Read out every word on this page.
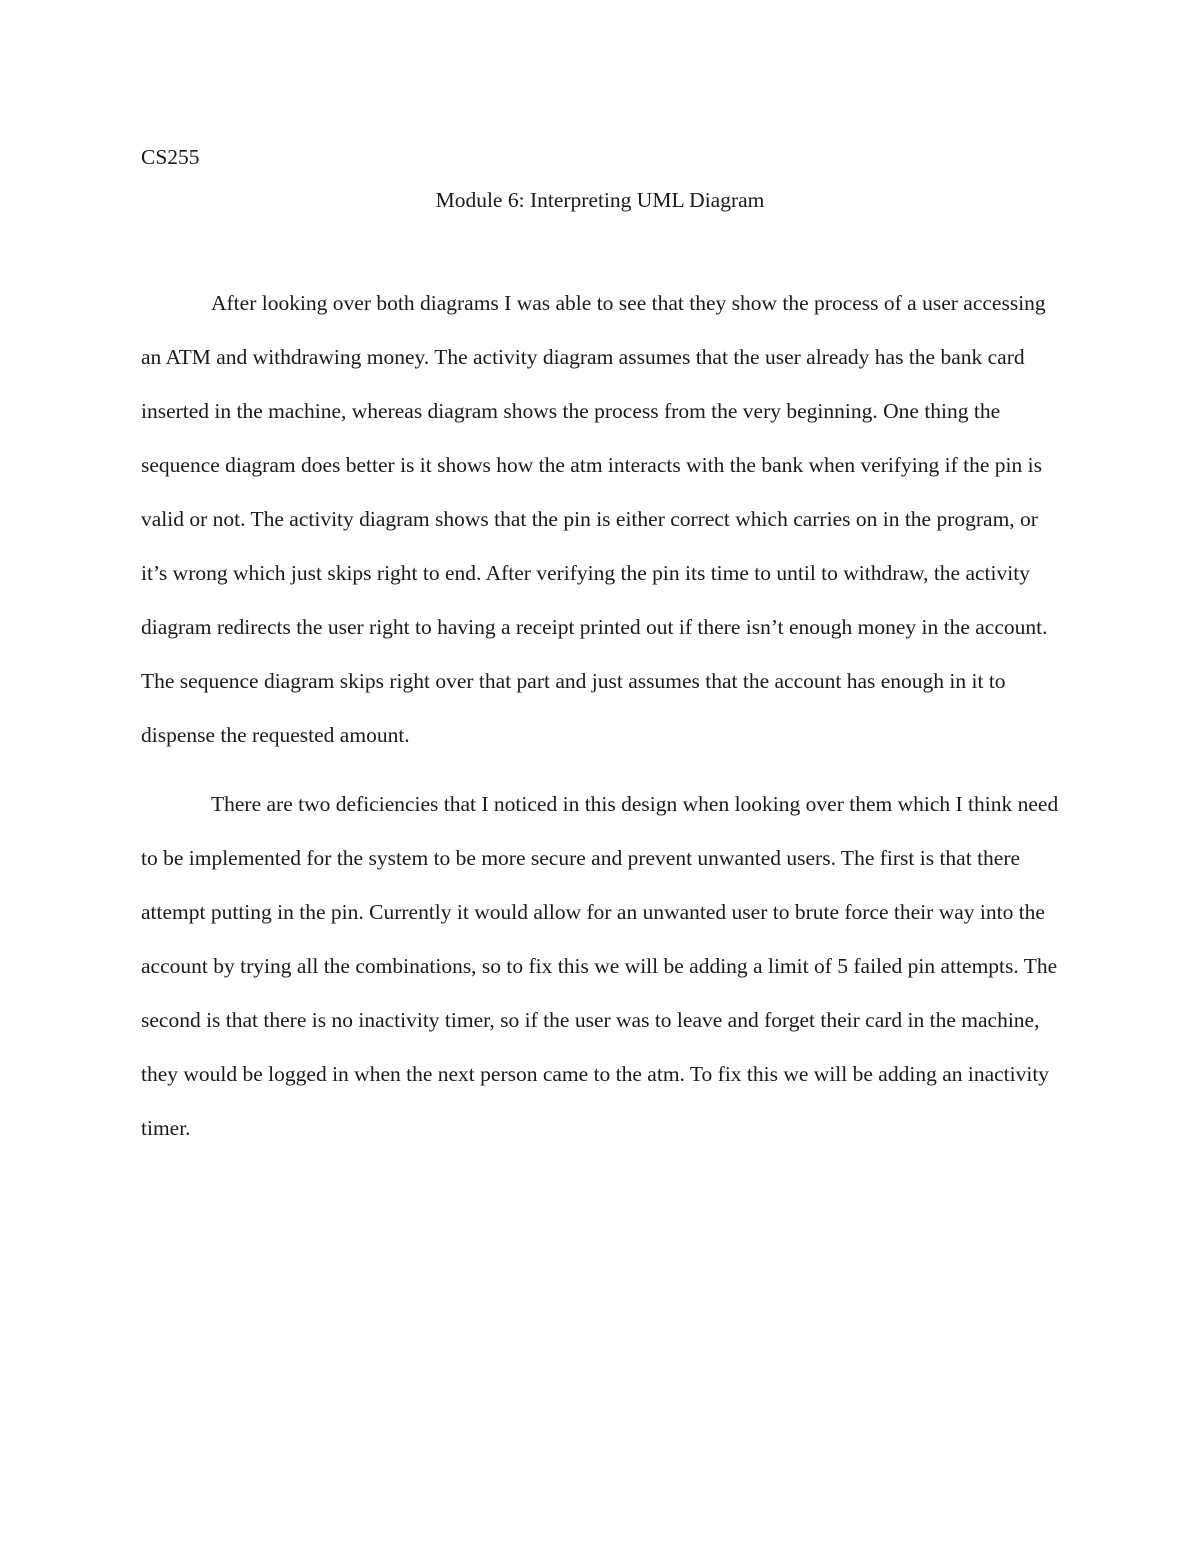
CS255

Module 6: Interpreting UML Diagram

After looking over both diagrams I was able to see that they show the process of a user accessing an ATM and withdrawing money. The activity diagram assumes that the user already has the bank card inserted in the machine, whereas diagram shows the process from the very beginning. One thing the sequence diagram does better is it shows how the atm interacts with the bank when verifying if the pin is valid or not. The activity diagram shows that the pin is either correct which carries on in the program, or it’s wrong which just skips right to end. After verifying the pin its time to until to withdraw, the activity diagram redirects the user right to having a receipt printed out if there isn’t enough money in the account. The sequence diagram skips right over that part and just assumes that the account has enough in it to dispense the requested amount.

There are two deficiencies that I noticed in this design when looking over them which I think need to be implemented for the system to be more secure and prevent unwanted users. The first is that there attempt putting in the pin. Currently it would allow for an unwanted user to brute force their way into the account by trying all the combinations, so to fix this we will be adding a limit of 5 failed pin attempts. The second is that there is no inactivity timer, so if the user was to leave and forget their card in the machine, they would be logged in when the next person came to the atm. To fix this we will be adding an inactivity timer.
